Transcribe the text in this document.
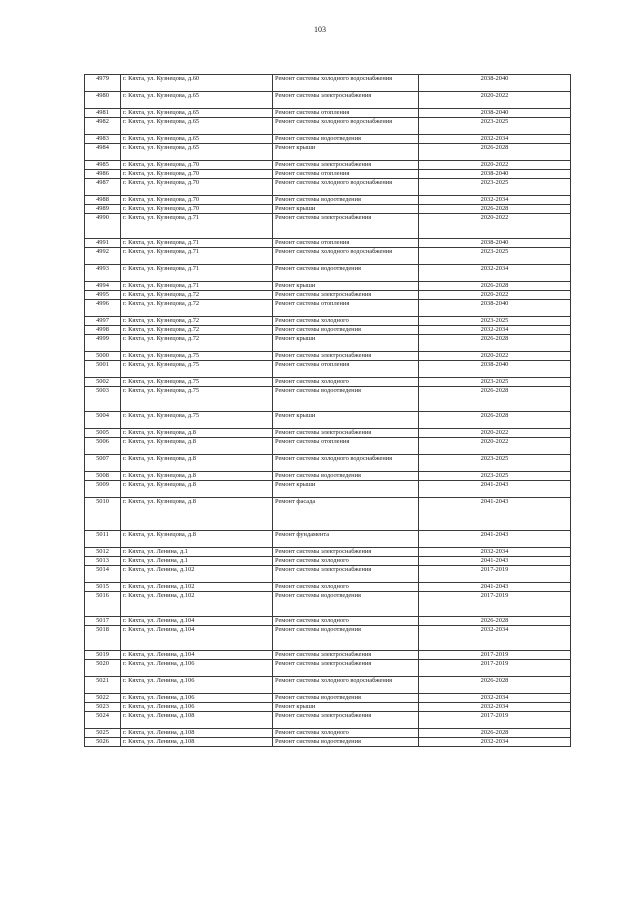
103
4979	г. Кяхта, ул. Кузнецова, д.60	Ремонт системы холодного водоснабжения	2038-2040
4980	г. Кяхта, ул. Кузнецова, д.65	Ремонт системы электроснабжения	2020-2022
4981	г. Кяхта, ул. Кузнецова, д.65	Ремонт системы отопления	2038-2040
4982	г. Кяхта, ул. Кузнецова, д.65	Ремонт системы холодного водоснабжения	2023-2025
4983	г. Кяхта, ул. Кузнецова, д.65	Ремонт системы водоотведения	2032-2034
4984	г. Кяхта, ул. Кузнецова, д.65	Ремонт крыши	2026-2028
4985	г. Кяхта, ул. Кузнецова, д.70	Ремонт системы электроснабжения	2020-2022
4986	г. Кяхта, ул. Кузнецова, д.70	Ремонт системы отопления	2038-2040
4987	г. Кяхта, ул. Кузнецова, д.70	Ремонт системы холодного водоснабжения	2023-2025
4988	г. Кяхта, ул. Кузнецова, д.70	Ремонт системы водоотведения	2032-2034
4989	г. Кяхта, ул. Кузнецова, д.70	Ремонт крыши	2026-2028
4990	г. Кяхта, ул. Кузнецова, д.71	Ремонт системы электроснабжения	2020-2022
4991	г. Кяхта, ул. Кузнецова, д.71	Ремонт системы отопления	2038-2040
4992	г. Кяхта, ул. Кузнецова, д.71	Ремонт системы холодного водоснабжения	2023-2025
4993	г. Кяхта, ул. Кузнецова, д.71	Ремонт системы водоотведения	2032-2034
4994	г. Кяхта, ул. Кузнецова, д.71	Ремонт крыши	2026-2028
4995	г. Кяхта, ул. Кузнецова, д.72	Ремонт системы электроснабжения	2020-2022
4996	г. Кяхта, ул. Кузнецова, д.72	Ремонт системы отопления	2038-2040
4997	г. Кяхта, ул. Кузнецова, д.72	Ремонт системы холодного	2023-2025
4998	г. Кяхта, ул. Кузнецова, д.72	Ремонт системы водоотведения	2032-2034
4999	г. Кяхта, ул. Кузнецова, д.72	Ремонт крыши	2026-2028
5000	г. Кяхта, ул. Кузнецова, д.75	Ремонт системы электроснабжения	2020-2022
5001	г. Кяхта, ул. Кузнецова, д.75	Ремонт системы отопления	2038-2040
5002	г. Кяхта, ул. Кузнецова, д.75	Ремонт системы холодного	2023-2025
5003	г. Кяхта, ул. Кузнецова, д.75	Ремонт системы водоотведения	2026-2028
5004	г. Кяхта, ул. Кузнецова, д.75	Ремонт крыши	2026-2028
5005	г. Кяхта, ул. Кузнецова, д.8	Ремонт системы электроснабжения	2020-2022
5006	г. Кяхта, ул. Кузнецова, д.8	Ремонт системы отопления	2020-2022
5007	г. Кяхта, ул. Кузнецова, д.8	Ремонт системы холодного водоснабжения	2023-2025
5008	г. Кяхта, ул. Кузнецова, д.8	Ремонт системы водоотведения	2023-2025
5009	г. Кяхта, ул. Кузнецова, д.8	Ремонт крыши	2041-2043
5010	г. Кяхта, ул. Кузнецова, д.8	Ремонт фасада	2041-2043
5011	г. Кяхта, ул. Кузнецова, д.8	Ремонт фундамента	2041-2043
5012	г. Кяхта, ул. Ленина, д.1	Ремонт системы электроснабжения	2032-2034
5013	г. Кяхта, ул. Ленина, д.1	Ремонт системы холодного	2041-2043
5014	г. Кяхта, ул. Ленина, д.102	Ремонт системы электроснабжения	2017-2019
5015	г. Кяхта, ул. Ленина, д.102	Ремонт системы холодного	2041-2043
5016	г. Кяхта, ул. Ленина, д.102	Ремонт системы водоотведения	2017-2019
5017	г. Кяхта, ул. Ленина, д.104	Ремонт системы холодного	2026-2028
5018	г. Кяхта, ул. Ленина, д.104	Ремонт системы водоотведения	2032-2034
5019	г. Кяхта, ул. Ленина, д.104	Ремонт системы электроснабжения	2017-2019
5020	г. Кяхта, ул. Ленина, д.106	Ремонт системы электроснабжения	2017-2019
5021	г. Кяхта, ул. Ленина, д.106	Ремонт системы холодного водоснабжения	2026-2028
5022	г. Кяхта, ул. Ленина, д.106	Ремонт системы водоотведения	2032-2034
5023	г. Кяхта, ул. Ленина, д.106	Ремонт крыши	2032-2034
5024	г. Кяхта, ул. Ленина, д.108	Ремонт системы электроснабжения	2017-2019
5025	г. Кяхта, ул. Ленина, д.108	Ремонт системы холодного	2026-2028
5026	г. Кяхта, ул. Ленина, д.108	Ремонт системы водоотведения	2032-2034
